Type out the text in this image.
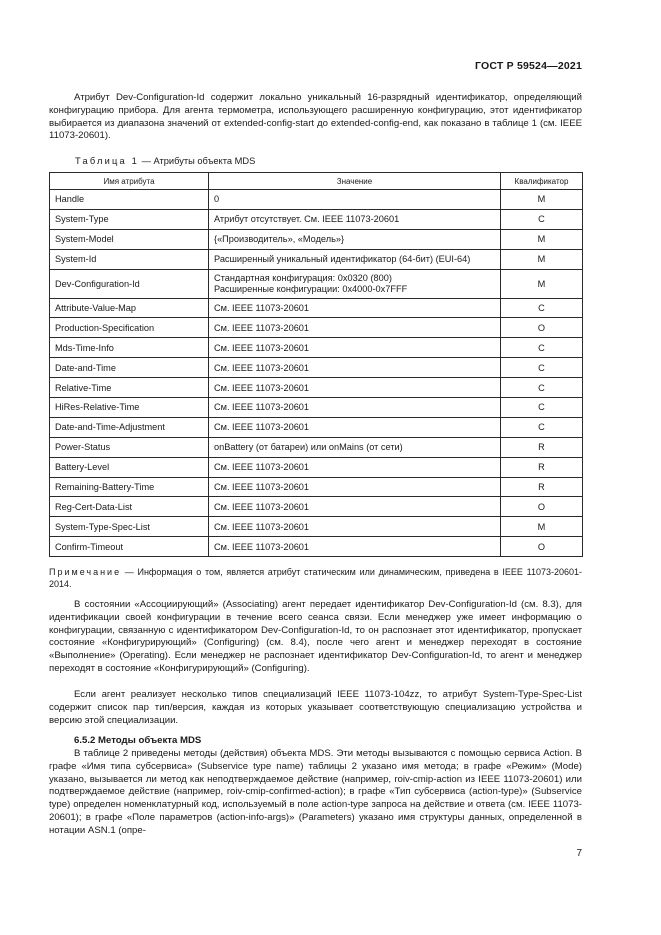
ГОСТ Р 59524—2021

Атрибут Dev-Configuration-Id содержит локально уникальный 16-разрядный идентификатор, определяющий конфигурацию прибора. Для агента термометра, использующего расширенную конфигурацию, этот идентификатор выбирается из диапазона значений от extended-config-start до extended-config-end, как показано в таблице 1 (см. IEEE 11073-20601).

Таблица 1 — Атрибуты объекта MDS
Имя атрибута	Значение	Квалификатор
Handle	0	M
System-Type	Атрибут отсутствует. См. IEEE 11073-20601	C
System-Model	{«Производитель», «Модель»}	M
System-Id	Расширенный уникальный идентификатор (64-бит) (EUI-64)	M
Dev-Configuration-Id	Стандартная конфигурация: 0x0320 (800)
Расширенные конфигурации: 0x4000-0x7FFF	M
Attribute-Value-Map	См. IEEE 11073-20601	C
Production-Specification	См. IEEE 11073-20601	O
Mds-Time-Info	См. IEEE 11073-20601	C
Date-and-Time	См. IEEE 11073-20601	C
Relative-Time	См. IEEE 11073-20601	C
HiRes-Relative-Time	См. IEEE 11073-20601	C
Date-and-Time-Adjustment	См. IEEE 11073-20601	C
Power-Status	onBattery (от батареи) или onMains (от сети)	R
Battery-Level	См. IEEE 11073-20601	R
Remaining-Battery-Time	См. IEEE 11073-20601	R
Reg-Cert-Data-List	См. IEEE 11073-20601	O
System-Type-Spec-List	См. IEEE 11073-20601	M
Confirm-Timeout	См. IEEE 11073-20601	O
Примечание — Информация о том, является атрибут статическим или динамическим, приведена в IEEE 11073-20601-2014.

В состоянии «Ассоциирующий» (Associating) агент передает идентификатор Dev-Configuration-Id (см. 8.3), для идентификации своей конфигурации в течение всего сеанса связи. Если менеджер уже имеет информацию о конфигурации, связанную с идентификатором Dev-Configuration-Id, то он распознает этот идентификатор, пропускает состояние «Конфигурирующий» (Configuring) (см. 8.4), после чего агент и менеджер переходят в состояние «Выполнение» (Operating). Если менеджер не распознает идентификатор Dev-Configuration-Id, то агент и менеджер переходят в состояние «Конфигурирующий» (Configuring).

Если агент реализует несколько типов специализаций IEEE 11073-104zz, то атрибут System-Type-Spec-List содержит список пар тип/версия, каждая из которых указывает соответствующую специализацию устройства и версию этой специализации.

6.5.2 Методы объекта MDS

В таблице 2 приведены методы (действия) объекта MDS. Эти методы вызываются с помощью сервиса Action. В графе «Имя типа субсервиса» (Subservice type name) таблицы 2 указано имя метода; в графе «Режим» (Mode) указано, вызывается ли метод как неподтверждаемое действие (например, roiv-cmip-action из IEEE 11073-20601) или подтверждаемое действие (например, roiv-cmip-confirmed-action); в графе «Тип субсервиса (action-type)» (Subservice type) определен номенклатурный код, используемый в поле action-type запроса на действие и ответа (см. IEEE 11073-20601); в графе «Поле параметров (action-info-args)» (Parameters) указано имя структуры данных, определенной в нотации ASN.1 (опре-

7
